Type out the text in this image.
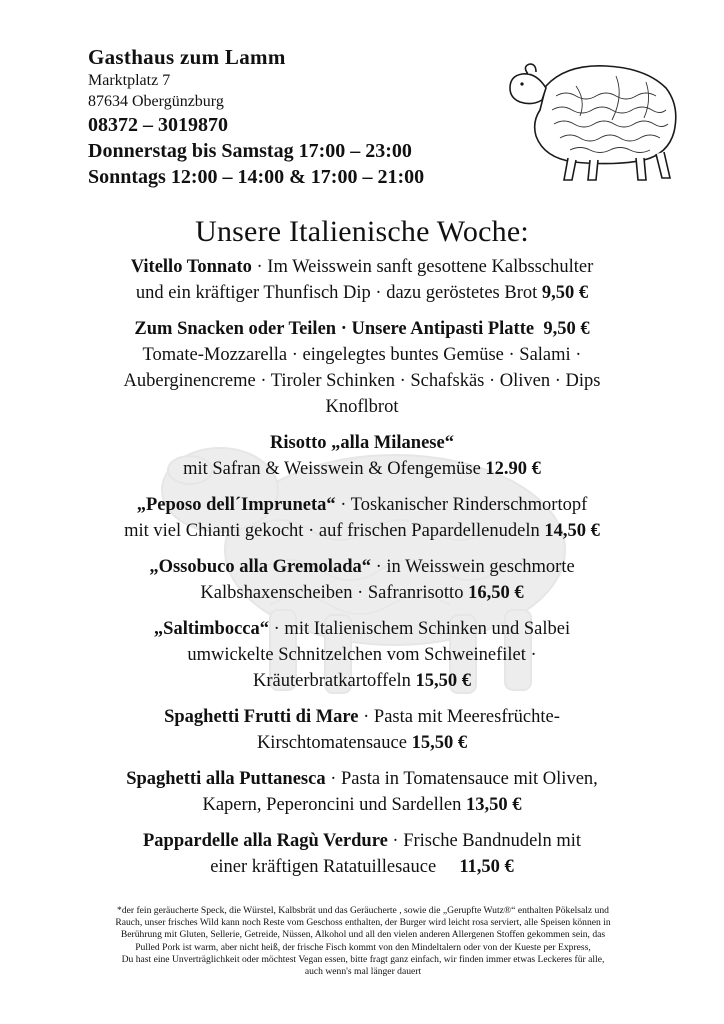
Gasthaus zum Lamm
Marktplatz 7
87634 Obergünzburg
08372 – 3019870
Donnerstag bis Samstag 17:00 – 23:00
Sonntags 12:00 – 14:00 & 17:00 – 21:00
Unsere Italienische Woche:
Vitello Tonnato · Im Weisswein sanft gesottene Kalbsschulter
und ein kräftiger Thunfisch Dip · dazu geröstetes Brot 9,50 €
Zum Snacken oder Teilen · Unsere Antipasti Platte 9,50 €
Tomate-Mozzarella · eingelegtes buntes Gemüse · Salami ·
Auberginencreme · Tiroler Schinken · Schafskäs · Oliven · Dips
Knoflbrot
Risotto „alla Milanese“
mit Safran & Weisswein & Ofengemüse 12.90 €
„Peposo dell´Impruneta“ · Toskanischer Rinderschmortopf
mit viel Chianti gekocht · auf frischen Papardellenudeln 14,50 €
„Ossobuco alla Gremolada“ · in Weisswein geschmorte
Kalbshaxenscheiben · Safranrisotto 16,50 €
„Saltimbocca“ · mit Italienischem Schinken und Salbei
umwickelte Schnitzelchen vom Schweinefilet ·
Kräuterbratkartoffeln 15,50 €
Spaghetti Frutti di Mare · Pasta mit Meeresfrüchte-
Kirschtomatensauce 15,50 €
Spaghetti alla Puttanesca · Pasta in Tomatensauce mit Oliven,
Kapern, Peperoncini und Sardellen 13,50 €
Pappardelle alla Ragù Verdure · Frische Bandnudeln mit
einer kräftigen Ratatuillesauce     11,50 €
*der fein geräucherte Speck, die Würstel, Kalbsbrät und das Geräucherte , sowie die „Gerupfte Wutz®“ enthalten Pökelsalz und
Rauch, unser frisches Wild kann noch Reste vom Geschoss enthalten, der Burger wird leicht rosa serviert, alle Speisen können in
Berührung mit Gluten, Sellerie, Getreide, Nüssen, Alkohol und all den vielen anderen Allergenen Stoffen gekommen sein, das
Pulled Pork ist warm, aber nicht heiß, der frische Fisch kommt von den Mindeltalern oder von der Kueste per Express,
Du hast eine Unverträglichkeit oder möchtest Vegan essen, bitte fragt ganz einfach, wir finden immer etwas Leckeres für alle,
auch wenn's mal länger dauert
